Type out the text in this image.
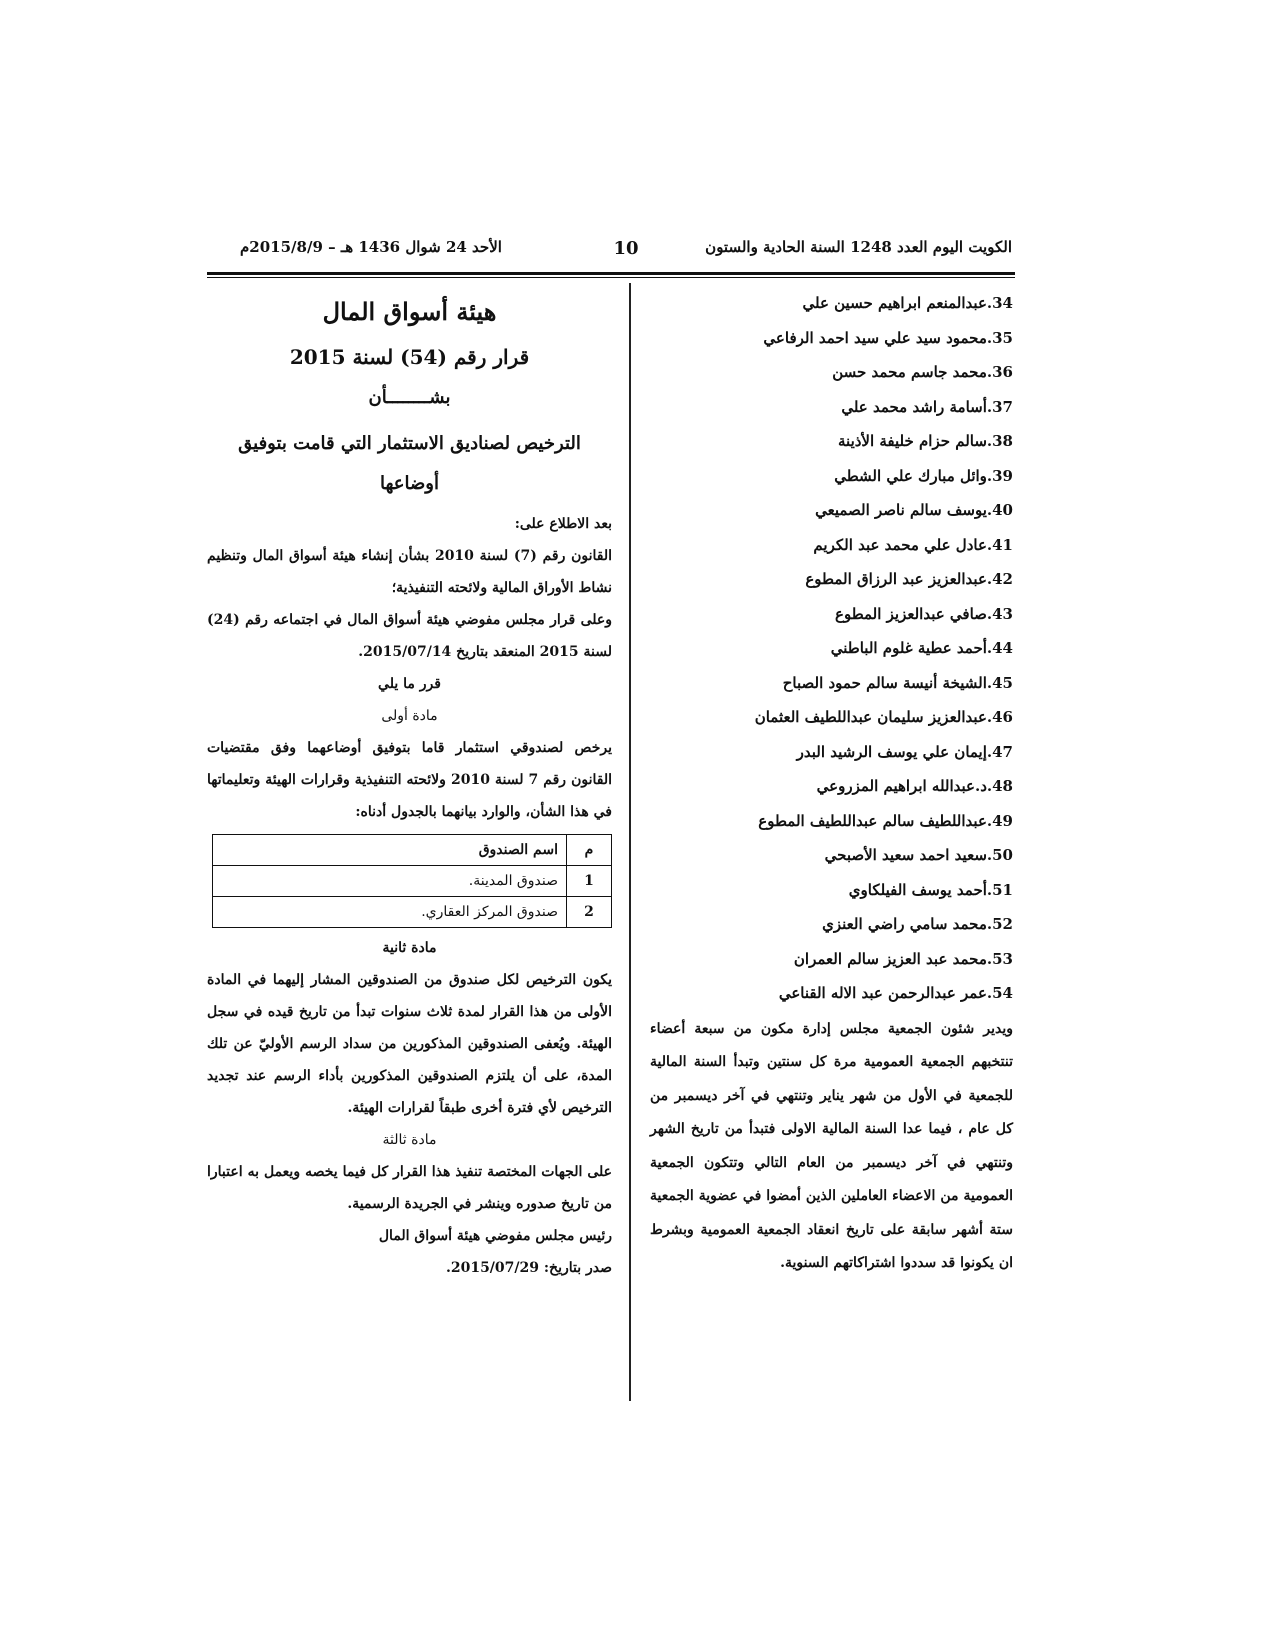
الكويت اليوم العدد 1248 السنة الحادية والستون
10
الأحد 24 شوال 1436 هـ – 2015/8/9م
34.عبدالمنعم ابراهيم حسين علي
35.محمود سيد علي سيد احمد الرفاعي
36.محمد جاسم محمد حسن
37.أسامة راشد محمد علي
38.سالم حزام خليفة الأذينة
39.وائل مبارك علي الشطي
40.يوسف سالم ناصر الصميعي
41.عادل علي محمد عبد الكريم
42.عبدالعزيز عبد الرزاق المطوع
43.صافي عبدالعزيز المطوع
44.أحمد عطية غلوم الباطني
45.الشيخة أنيسة سالم حمود الصباح
46.عبدالعزيز سليمان عبداللطيف العثمان
47.إيمان علي يوسف الرشيد البدر
48.د.عبدالله ابراهيم المزروعي
49.عبداللطيف سالم عبداللطيف المطوع
50.سعيد احمد سعيد الأصبحي
51.أحمد يوسف الفيلكاوي
52.محمد سامي راضي العنزي
53.محمد عبد العزيز سالم العمران
54.عمر عبدالرحمن عبد الاله القناعي
ويدير شئون الجمعية مجلس إدارة مكون من سبعة أعضاء تنتخبهم الجمعية العمومية مرة كل سنتين وتبدأ السنة المالية للجمعية في الأول من شهر يناير وتنتهي في آخر ديسمبر من كل عام ، فيما عدا السنة المالية الاولى فتبدأ من تاريخ الشهر وتنتهي في آخر ديسمبر من العام التالي وتتكون الجمعية العمومية من الاعضاء العاملين الذين أمضوا في عضوية الجمعية ستة أشهر سابقة على تاريخ انعقاد الجمعية العمومية وبشرط ان يكونوا قد سددوا اشتراكاتهم السنوية.
هيئة أسواق المال
قرار رقم (54) لسنة 2015
بشــــــــأن
الترخيص لصناديق الاستثمار التي قامت بتوفيق أوضاعها
بعد الاطلاع على:
القانون رقم (7) لسنة 2010 بشأن إنشاء هيئة أسواق المال وتنظيم نشاط الأوراق المالية ولائحته التنفيذية؛
وعلى قرار مجلس مفوضي هيئة أسواق المال في اجتماعه رقم (24) لسنة 2015 المنعقد بتاريخ 2015/07/14.
قرر ما يلي
مادة أولى
يرخص لصندوقي استثمار قاما بتوفيق أوضاعهما وفق مقتضيات القانون رقم 7 لسنة 2010 ولائحته التنفيذية وقرارات الهيئة وتعليماتها في هذا الشأن، والوارد بيانهما بالجدول أدناه:
م	اسم الصندوق
1	صندوق المدينة.
2	صندوق المركز العقاري.
مادة ثانية
يكون الترخيص لكل صندوق من الصندوقين المشار إليهما في المادة الأولى من هذا القرار لمدة ثلاث سنوات تبدأ من تاريخ قيده في سجل الهيئة. ويُعفى الصندوقين المذكورين من سداد الرسم الأوليّ عن تلك المدة، على أن يلتزم الصندوقين المذكورين بأداء الرسم عند تجديد الترخيص لأي فترة أخرى طبقاً لقرارات الهيئة.
مادة ثالثة
على الجهات المختصة تنفيذ هذا القرار كل فيما يخصه ويعمل به اعتبارا من تاريخ صدوره وينشر في الجريدة الرسمية.
رئيس مجلس مفوضي هيئة أسواق المال
صدر بتاريخ: 2015/07/29.
